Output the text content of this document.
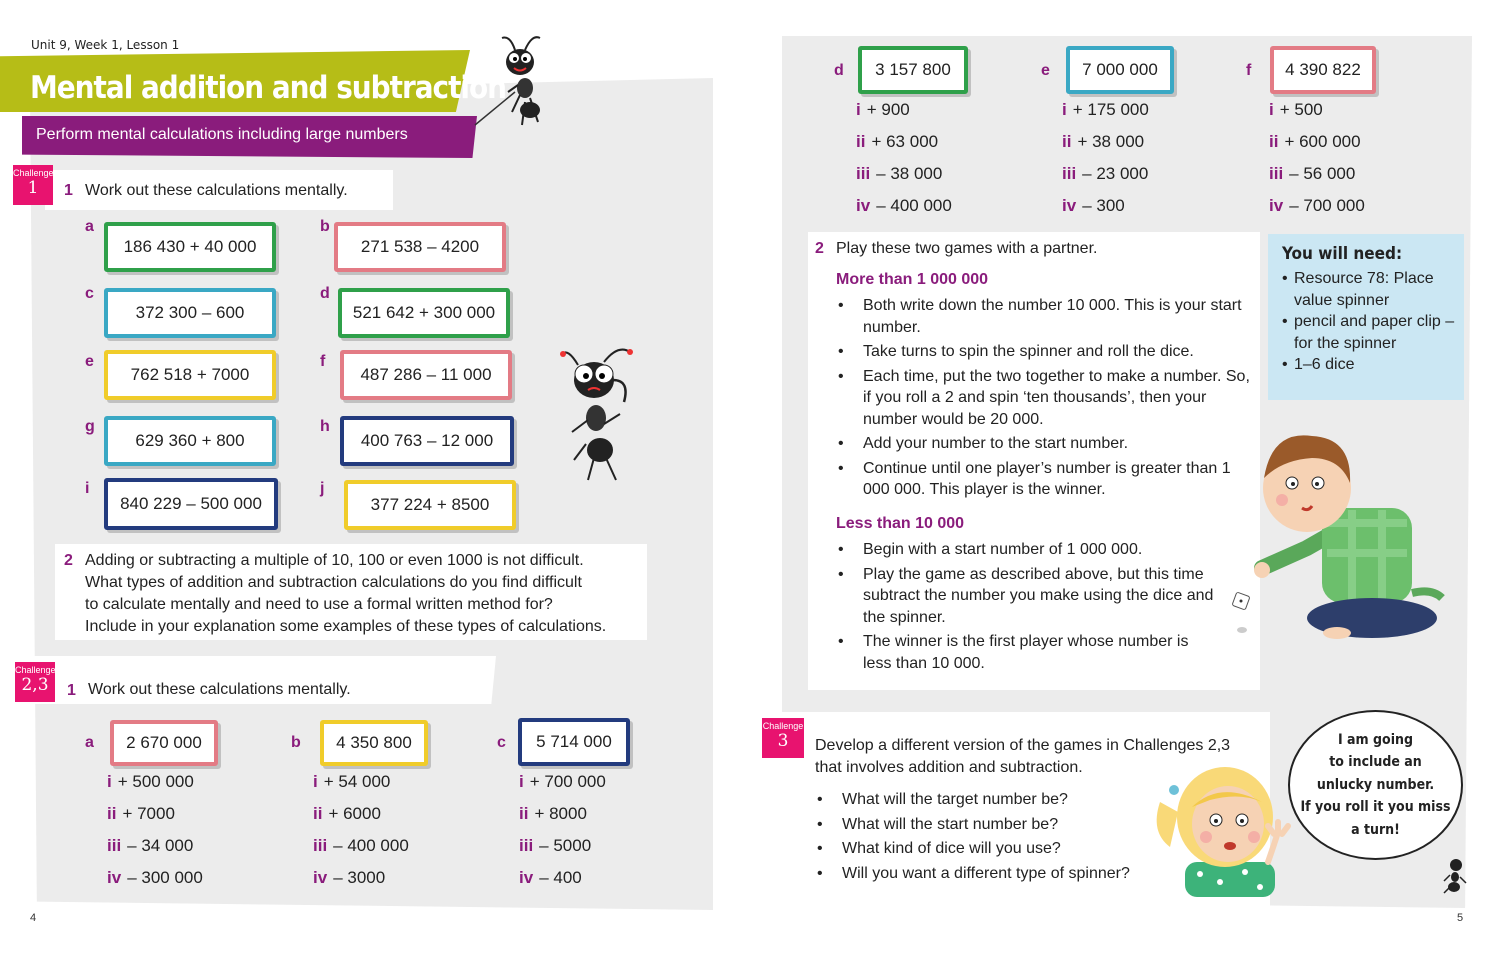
Unit 9, Week 1, Lesson 1
Mental addition and subtraction
Perform mental calculations including large numbers
Challenge
1	1 Work out these calculations mentally.
a
186 430 + 40 000
b
271 538 – 4200
c
372 300 – 600
d
521 642 + 300 000
e
762 518 + 7000
f
487 286 – 11 000
g
629 360 + 800
h
400 763 – 12 000
i
840 229 – 500 000
j
377 224 + 8500
2 Adding or subtracting a multiple of 10, 100 or even 1000 is not difficult.
What types of addition and subtraction calculations do you find difficult
to calculate mentally and need to use a formal written method for?
Include in your explanation some examples of these types of calculations.
Challenges
2,3	1 Work out these calculations mentally.
a	2 670 000
i + 500 000
ii + 7000
iii – 34 000
iv – 300 000
b	4 350 800
i + 54 000
ii + 6000
iii – 400 000
iv – 3000
c	5 714 000
i + 700 000
ii + 8000
iii – 5000
iv – 400
4
d	3 157 800
i + 900
ii + 63 000
iii – 38 000
iv – 400 000
e	7 000 000
i + 175 000
ii + 38 000
iii – 23 000
iv – 300
f	4 390 822
i + 500
ii + 600 000
iii – 56 000
iv – 700 000
2 Play these two games with a partner.
More than 1 000 000
• Both write down the number 10 000. This is your start number.
• Take turns to spin the spinner and roll the dice.
• Each time, put the two together to make a number. So, if you roll a 2 and spin ‘ten thousands’, then your number would be 20 000.
• Add your number to the start number.
• Continue until one player’s number is greater than 1 000 000. This player is the winner.
Less than 10 000
• Begin with a start number of 1 000 000.
• Play the game as described above, but this time subtract the number you make using the dice and the spinner.
• The winner is the first player whose number is less than 10 000.
You will need:
• Resource 78: Place value spinner
• pencil and paper clip – for the spinner
• 1–6 dice
Challenge
3	Develop a different version of the games in Challenges 2,3
that involves addition and subtraction.
• What will the target number be?
• What will the start number be?
• What kind of dice will you use?
• Will you want a different type of spinner?
I am going
to include an
unlucky number.
If you roll it you miss
a turn!
5
